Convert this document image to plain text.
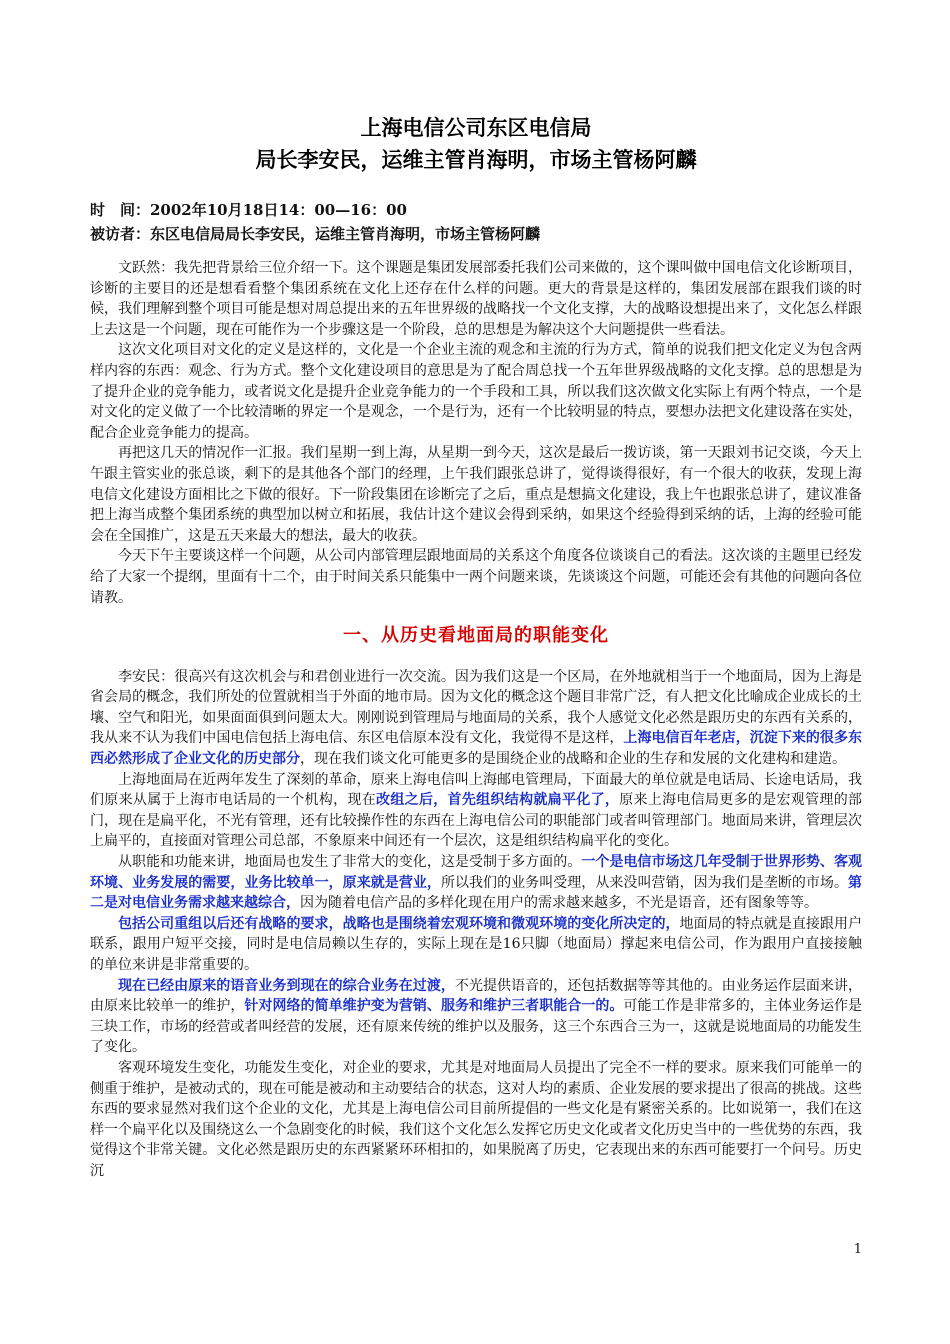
上海电信公司东区电信局
局长李安民，运维主管肖海明，市场主管杨阿麟
时　间：2002年10月18日14：00—16：00
被访者：东区电信局局长李安民，运维主管肖海明，市场主管杨阿麟

文跃然：我先把背景给三位介绍一下。这个课题是集团发展部委托我们公司来做的，这个课叫做中国电信文化诊断项目，诊断的主要目的还是想看看整个集团系统在文化上还存在什么样的问题。更大的背景是这样的，集团发展部在跟我们谈的时候，我们理解到整个项目可能是想对周总提出来的五年世界级的战略找一个文化支撑，大的战略设想提出来了，文化怎么样跟上去这是一个问题，现在可能作为一个步骤这是一个阶段，总的思想是为解决这个大问题提供一些看法。

这次文化项目对文化的定义是这样的，文化是一个企业主流的观念和主流的行为方式，简单的说我们把文化定义为包含两样内容的东西：观念、行为方式。整个文化建设项目的意思是为了配合周总找一个五年世界级战略的文化支撑。总的思想是为了提升企业的竞争能力，或者说文化是提升企业竞争能力的一个手段和工具，所以我们这次做文化实际上有两个特点，一个是对文化的定义做了一个比较清晰的界定一个是观念，一个是行为，还有一个比较明显的特点，要想办法把文化建设落在实处，配合企业竞争能力的提高。

再把这几天的情况作一汇报。我们星期一到上海，从星期一到今天，这次是最后一拨访谈，第一天跟刘书记交谈，今天上午跟主管实业的张总谈，剩下的是其他各个部门的经理，上午我们跟张总讲了，觉得谈得很好，有一个很大的收获，发现上海电信文化建设方面相比之下做的很好。下一阶段集团在诊断完了之后，重点是想搞文化建设，我上午也跟张总讲了，建议准备把上海当成整个集团系统的典型加以树立和拓展，我估计这个建议会得到采纳，如果这个经验得到采纳的话，上海的经验可能会在全国推广，这是五天来最大的想法，最大的收获。

今天下午主要谈这样一个问题，从公司内部管理层跟地面局的关系这个角度各位谈谈自己的看法。这次谈的主题里已经发给了大家一个提纲，里面有十二个，由于时间关系只能集中一两个问题来谈，先谈谈这个问题，可能还会有其他的问题向各位请教。

一、从历史看地面局的职能变化

李安民：很高兴有这次机会与和君创业进行一次交流。因为我们这是一个区局，在外地就相当于一个地面局，因为上海是省会局的概念，我们所处的位置就相当于外面的地市局。因为文化的概念这个题目非常广泛，有人把文化比喻成企业成长的土壤、空气和阳光，如果面面俱到问题太大。刚刚说到管理局与地面局的关系，我个人感觉文化必然是跟历史的东西有关系的，我从来不认为我们中国电信包括上海电信、东区电信原本没有文化，我觉得不是这样，上海电信百年老店，沉淀下来的很多东西必然形成了企业文化的历史部分，现在我们谈文化可能更多的是围绕企业的战略和企业的生存和发展的文化建构和建造。

上海地面局在近两年发生了深刻的革命，原来上海电信叫上海邮电管理局，下面最大的单位就是电话局、长途电话局，我们原来从属于上海市电话局的一个机构，现在改组之后，首先组织结构就扁平化了，原来上海电信局更多的是宏观管理的部门，现在是扁平化，不光有管理，还有比较操作性的东西在上海电信公司的职能部门或者叫管理部门。地面局来讲，管理层次上扁平的，直接面对管理公司总部，不象原来中间还有一个层次，这是组织结构扁平化的变化。

从职能和功能来讲，地面局也发生了非常大的变化，这是受制于多方面的。一个是电信市场这几年受制于世界形势、客观环境、业务发展的需要，业务比较单一，原来就是营业，所以我们的业务叫受理，从来没叫营销，因为我们是垄断的市场。第二是对电信业务需求越来越综合，因为随着电信产品的多样化现在用户的需求越来越多，不光是语音，还有图象等等。

包括公司重组以后还有战略的要求，战略也是围绕着宏观环境和微观环境的变化所决定的，地面局的特点就是直接跟用户联系，跟用户短平交接，同时是电信局赖以生存的，实际上现在是16只脚（地面局）撑起来电信公司，作为跟用户直接接触的单位来讲是非常重要的。

现在已经由原来的语音业务到现在的综合业务在过渡，不光提供语音的，还包括数据等等其他的。由业务运作层面来讲，由原来比较单一的维护，针对网络的简单维护变为营销、服务和维护三者职能合一的。可能工作是非常多的，主体业务运作是三块工作，市场的经营或者叫经营的发展，还有原来传统的维护以及服务，这三个东西合三为一，这就是说地面局的功能发生了变化。

客观环境发生变化，功能发生变化，对企业的要求，尤其是对地面局人员提出了完全不一样的要求。原来我们可能单一的侧重于维护，是被动式的，现在可能是被动和主动要结合的状态，这对人均的素质、企业发展的要求提出了很高的挑战。这些东西的要求显然对我们这个企业的文化，尤其是上海电信公司目前所提倡的一些文化是有紧密关系的。比如说第一，我们在这样一个扁平化以及围绕这么一个急剧变化的时候，我们这个文化怎么发挥它历史文化或者文化历史当中的一些优势的东西，我觉得这个非常关键。文化必然是跟历史的东西紧紧环环相扣的，如果脱离了历史，它表现出来的东西可能要打一个问号。历史沉

1
